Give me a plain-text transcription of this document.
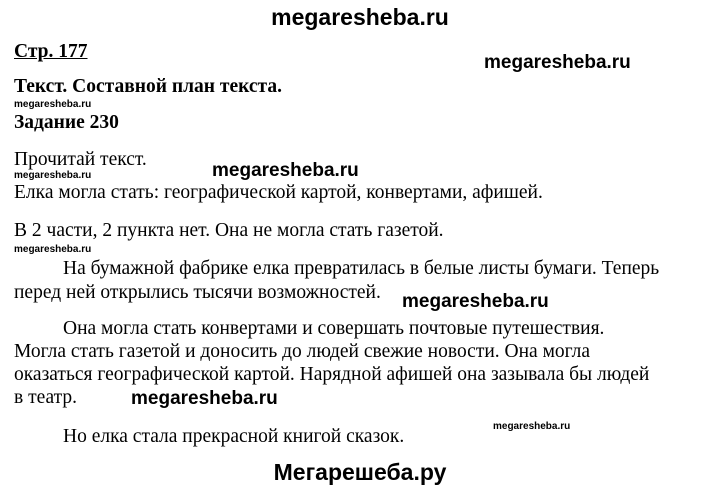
megaresheba.ru
Стр. 177
megaresheba.ru
Текст. Составной план текста.
megaresheba.ru
Задание 230
Прочитай текст.
megaresheba.ru
megaresheba.ru
Елка могла стать: географической картой, конвертами, афишей.
В 2 части, 2 пункта нет. Она не могла стать газетой.
megaresheba.ru
На бумажной фабрике елка превратилась в белые листы бумаги. Теперь
перед ней открылись тысячи возможностей. megaresheba.ru
Она могла стать конвертами и совершать почтовые путешествия.
Могла стать газетой и доносить до людей свежие новости. Она могла
оказаться географической картой. Нарядной афишей она зазывала бы людей
в театр.	megaresheba.ru
megaresheba.ru
Но елка стала прекрасной книгой сказок.
Мегарешеба.ру
